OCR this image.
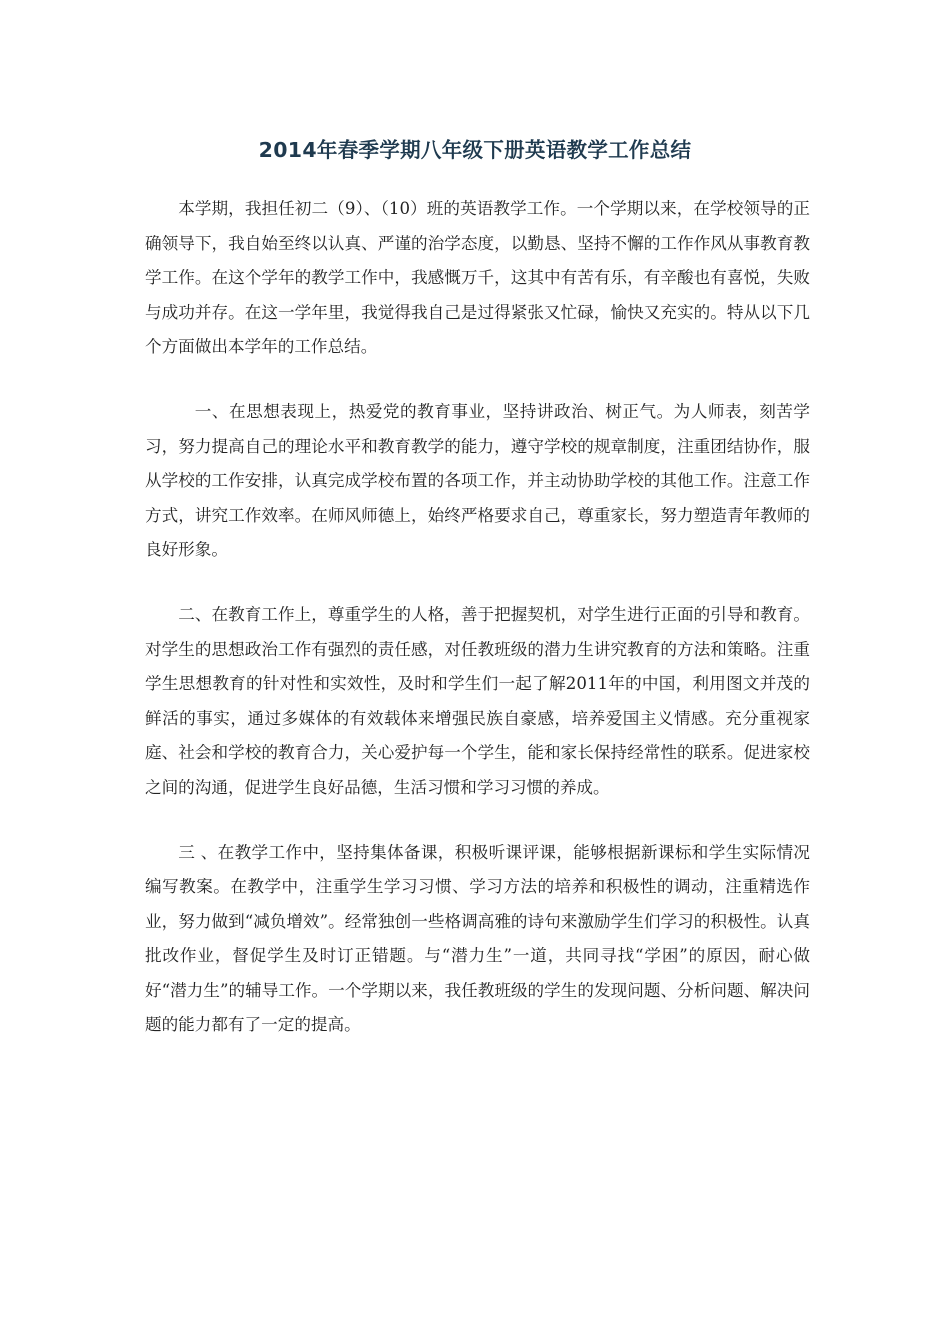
2014年春季学期八年级下册英语教学工作总结

本学期，我担任初二（9）、（10）班的英语教学工作。一个学期以来，在学校领导的正确领导下，我自始至终以认真、严谨的治学态度，以勤恳、坚持不懈的工作作风从事教育教学工作。在这个学年的教学工作中，我感慨万千，这其中有苦有乐，有辛酸也有喜悦，失败与成功并存。在这一学年里，我觉得我自己是过得紧张又忙碌，愉快又充实的。特从以下几个方面做出本学年的工作总结。

一、在思想表现上，热爱党的教育事业，坚持讲政治、树正气。为人师表，刻苦学习，努力提高自己的理论水平和教育教学的能力，遵守学校的规章制度，注重团结协作，服从学校的工作安排，认真完成学校布置的各项工作，并主动协助学校的其他工作。注意工作方式，讲究工作效率。在师风师德上，始终严格要求自己，尊重家长，努力塑造青年教师的良好形象。

二、在教育工作上，尊重学生的人格，善于把握契机，对学生进行正面的引导和教育。对学生的思想政治工作有强烈的责任感，对任教班级的潜力生讲究教育的方法和策略。注重学生思想教育的针对性和实效性，及时和学生们一起了解2011年的中国，利用图文并茂的鲜活的事实，通过多媒体的有效载体来增强民族自豪感，培养爱国主义情感。充分重视家庭、社会和学校的教育合力，关心爱护每一个学生，能和家长保持经常性的联系。促进家校之间的沟通，促进学生良好品德，生活习惯和学习习惯的养成。

三 、在教学工作中，坚持集体备课，积极听课评课，能够根据新课标和学生实际情况编写教案。在教学中，注重学生学习习惯、学习方法的培养和积极性的调动，注重精选作业，努力做到“减负增效”。经常独创一些格调高雅的诗句来激励学生们学习的积极性。认真批改作业，督促学生及时订正错题。与“潜力生”一道，共同寻找“学困”的原因，耐心做好“潜力生”的辅导工作。一个学期以来，我任教班级的学生的发现问题、分析问题、解决问题的能力都有了一定的提高。
